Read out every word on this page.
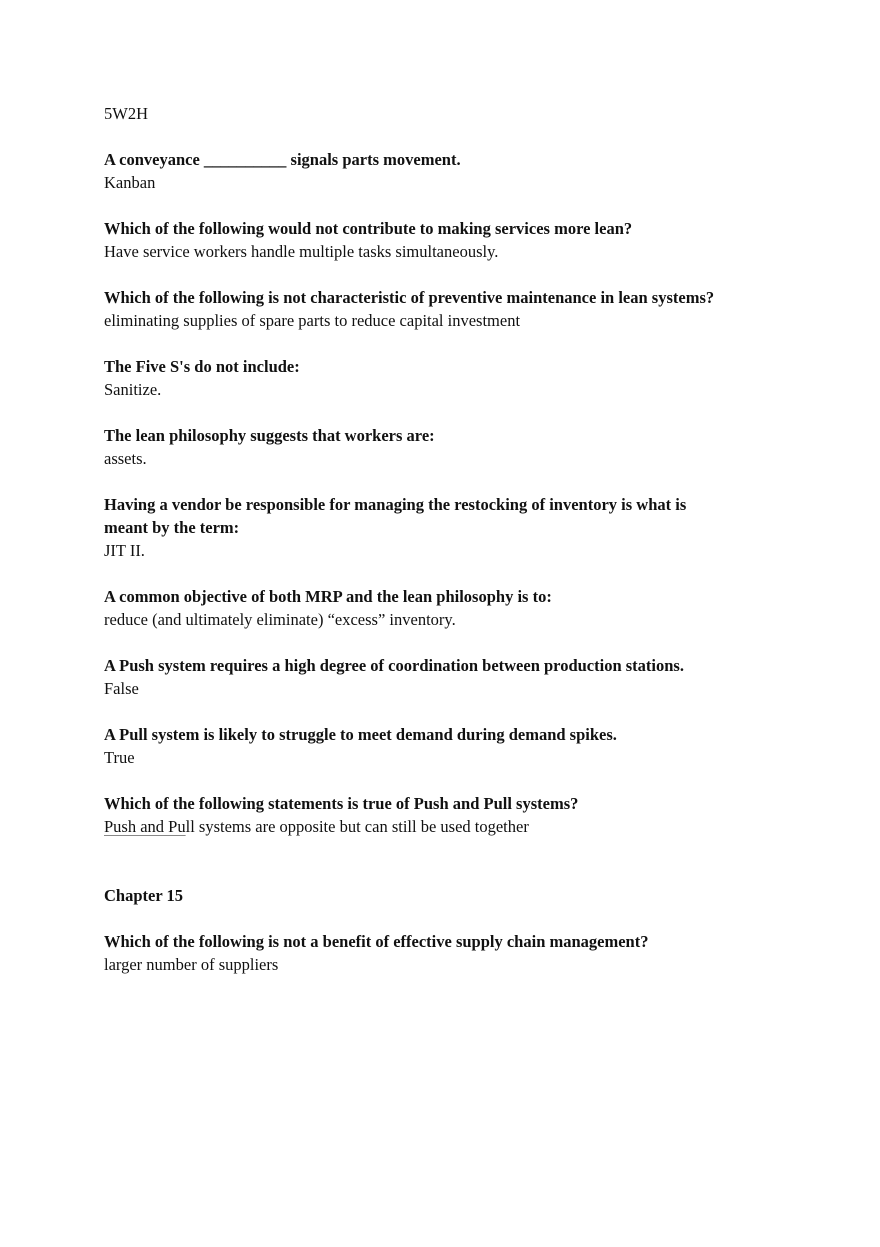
5W2H
A conveyance __________ signals parts movement.
Kanban
Which of the following would not contribute to making services more lean?
Have service workers handle multiple tasks simultaneously.
Which of the following is not characteristic of preventive maintenance in lean systems?
eliminating supplies of spare parts to reduce capital investment
The Five S's do not include:
Sanitize.
The lean philosophy suggests that workers are:
assets.
Having a vendor be responsible for managing the restocking of inventory is what is
meant by the term:
JIT II.
A common objective of both MRP and the lean philosophy is to:
reduce (and ultimately eliminate) “excess” inventory.
A Push system requires a high degree of coordination between production stations.
False
A Pull system is likely to struggle to meet demand during demand spikes.
True
Which of the following statements is true of Push and Pull systems?
Push and Pull systems are opposite but can still be used together
Chapter 15
Which of the following is not a benefit of effective supply chain management?
larger number of suppliers
